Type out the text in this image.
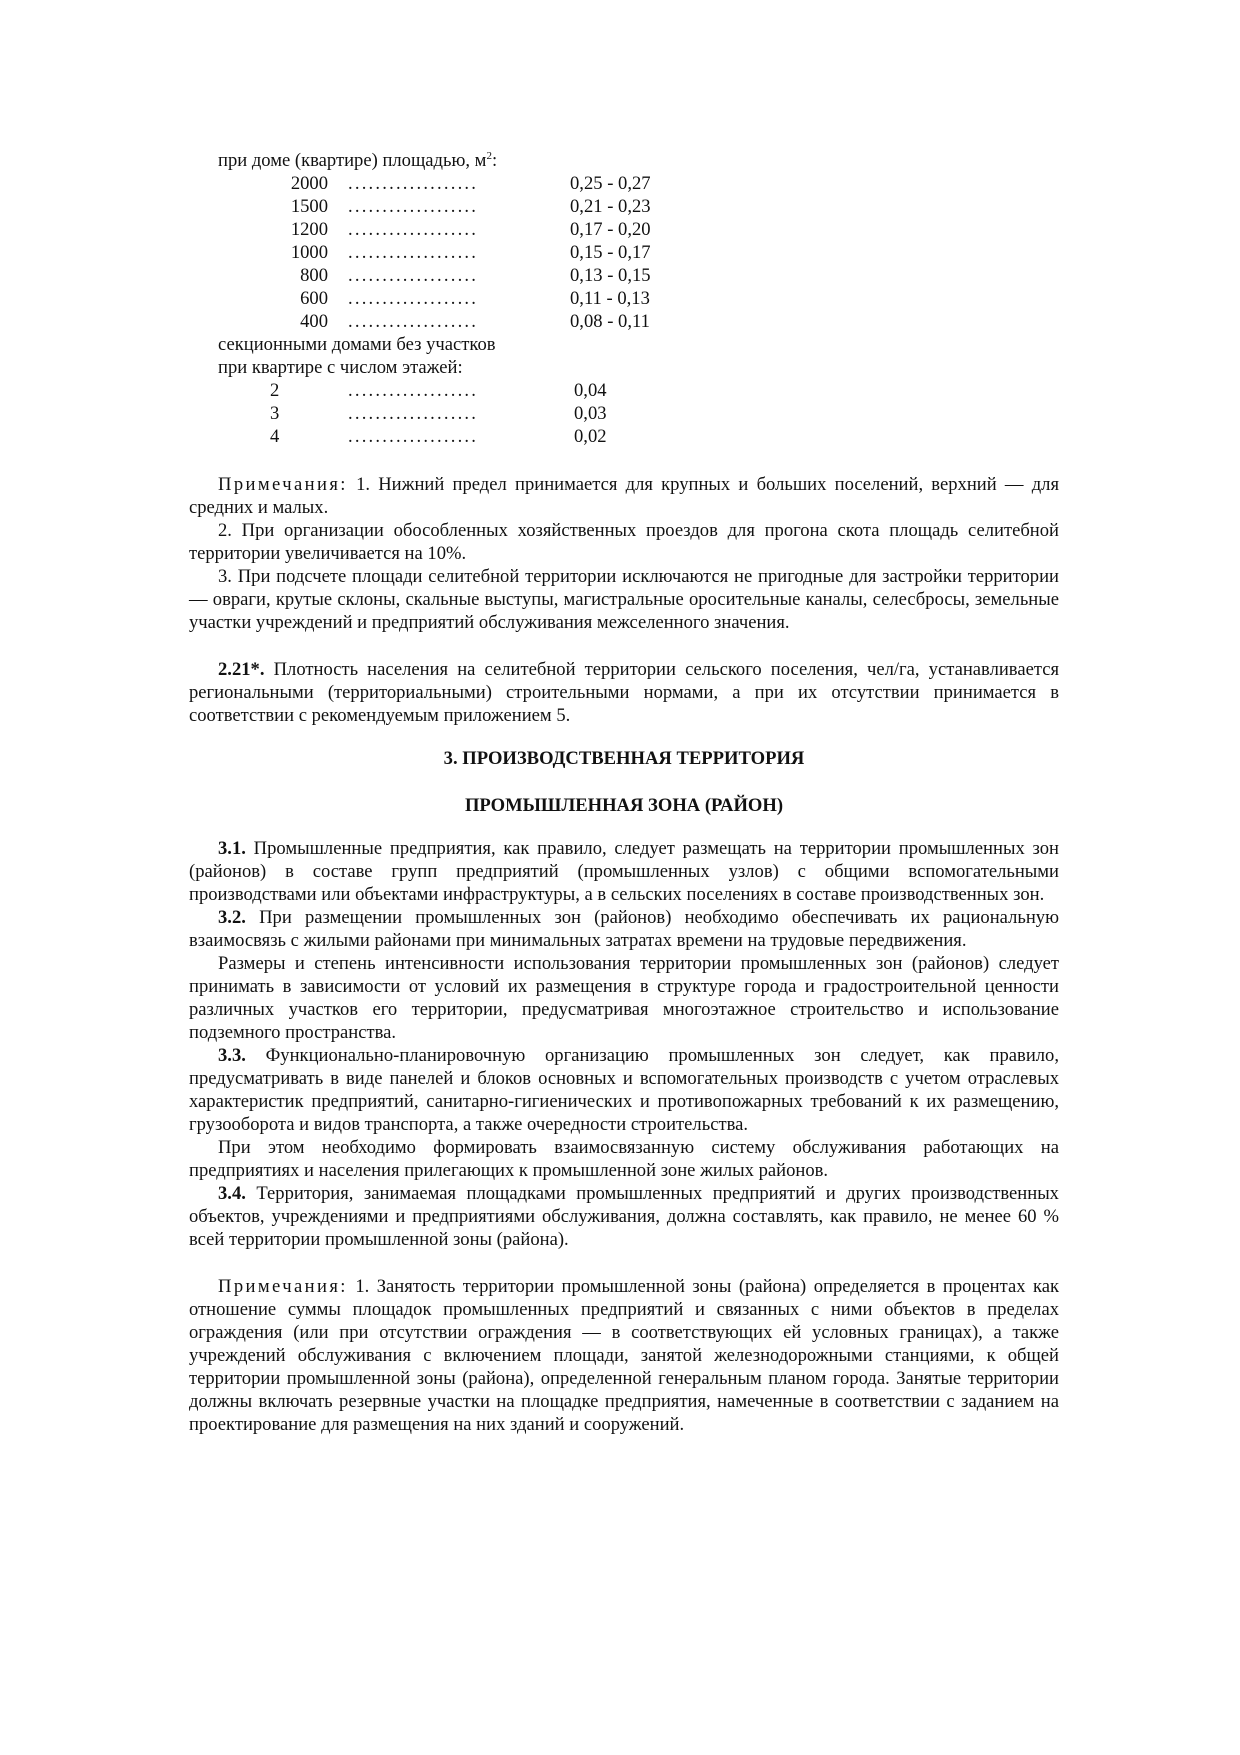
при доме (квартире) площадью, $м^2$:
2000	...................	0,25 - 0,27
1500	...................	0,21 - 0,23
1200	...................	0,17 - 0,20
1000	...................	0,15 - 0,17
800	...................	0,13 - 0,15
600	...................	0,11 - 0,13
400	...................	0,08 - 0,11
секционными домами без участков
при квартире с числом этажей:
2	...................	0,04
3	...................	0,03
4	...................	0,02

Примечания: 1. Нижний предел принимается для крупных и больших поселений, верхний — для средних и малых.

2. При организации обособленных хозяйственных проездов для прогона скота площадь селитебной территории увеличивается на 10%.

3. При подсчете площади селитебной территории исключаются не пригодные для застройки территории — овраги, крутые склоны, скальные выступы, магистральные оросительные каналы, селесбросы, земельные участки учреждений и предприятий обслуживания межселенного значения.

2.21*. Плотность населения на селитебной территории сельского поселения, чел/га, устанавливается региональными (территориальными) строительными нормами, а при их отсутствии принимается в соответствии с рекомендуемым приложением 5.

3. ПРОИЗВОДСТВЕННАЯ ТЕРРИТОРИЯ
ПРОМЫШЛЕННАЯ ЗОНА (РАЙОН)

3.1. Промышленные предприятия, как правило, следует размещать на территории промышленных зон (районов) в составе групп предприятий (промышленных узлов) с общими вспомогательными производствами или объектами инфраструктуры, а в сельских поселениях в составе производственных зон.

3.2. При размещении промышленных зон (районов) необходимо обеспечивать их рациональную взаимосвязь с жилыми районами при минимальных затратах времени на трудовые передвижения.

Размеры и степень интенсивности использования территории промышленных зон (районов) следует принимать в зависимости от условий их размещения в структуре города и градостроительной ценности различных участков его территории, предусматривая многоэтажное строительство и использование подземного пространства.

3.3. Функционально-планировочную организацию промышленных зон следует, как правило, предусматривать в виде панелей и блоков основных и вспомогательных производств с учетом отраслевых характеристик предприятий, санитарно-гигиенических и противопожарных требований к их размещению, грузооборота и видов транспорта, а также очередности строительства.

При этом необходимо формировать взаимосвязанную систему обслуживания работающих на предприятиях и населения прилегающих к промышленной зоне жилых районов.

3.4. Территория, занимаемая площадками промышленных предприятий и других производственных объектов, учреждениями и предприятиями обслуживания, должна составлять, как правило, не менее 60 % всей территории промышленной зоны (района).

Примечания: 1. Занятость территории промышленной зоны (района) определяется в процентах как отношение суммы площадок промышленных предприятий и связанных с ними объектов в пределах ограждения (или при отсутствии ограждения — в соответствующих ей условных границах), а также учреждений обслуживания с включением площади, занятой железнодорожными станциями, к общей территории промышленной зоны (района), определенной генеральным планом города. Занятые территории должны включать резервные участки на площадке предприятия, намеченные в соответствии с заданием на проектирование для размещения на них зданий и сооружений.
